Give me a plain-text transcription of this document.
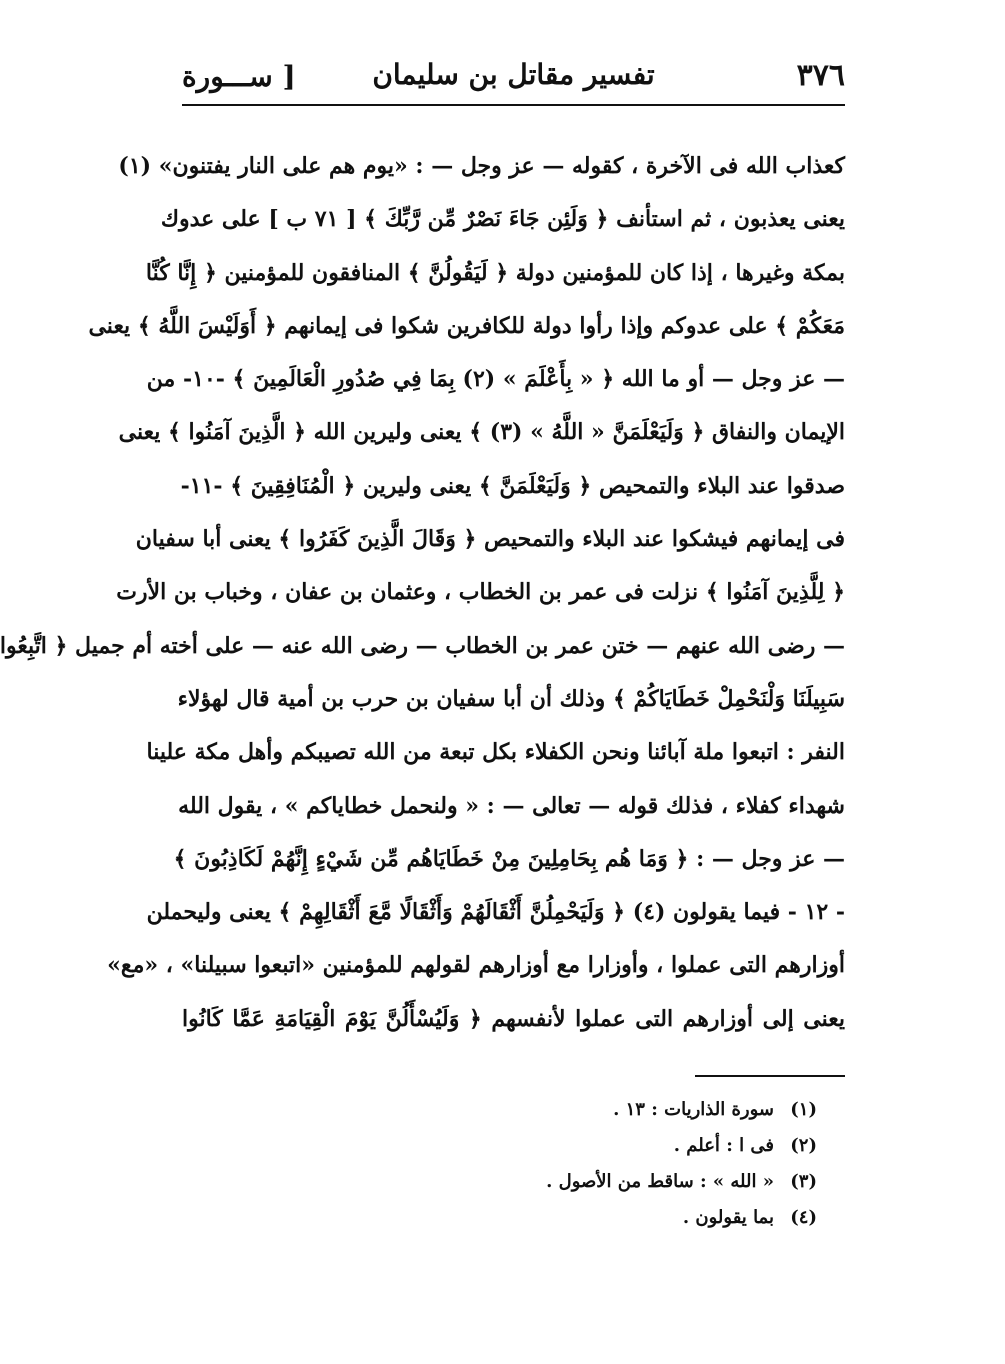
٣٧٦
تفسير مقاتل بن سليمان
[ ســـورة
كعذاب الله فى الآخرة ، كقوله — عز وجل — : «يوم هم على النار يفتنون» (١)
يعنى يعذبون ، ثم استأنف ﴿ وَلَئِن جَاءَ نَصْرٌ مِّن رَّبِّكَ ﴾ [ ٧١ ب ] على عدوك
بمكة وغيرها ، إذا كان للمؤمنين دولة ﴿ لَيَقُولُنَّ ﴾ المنافقون للمؤمنين ﴿ إِنَّا كُنَّا
مَعَكُمْ ﴾ على عدوكم وإذا رأوا دولة للكافرين شكوا فى إيمانهم ﴿ أَوَلَيْسَ اللَّهُ ﴾ يعنى
— عز وجل — أو ما الله ﴿ « بِأَعْلَمَ » (٢) بِمَا فِي صُدُورِ الْعَالَمِينَ ﴾ -١٠- من
الإيمان والنفاق ﴿ وَلَيَعْلَمَنَّ « اللَّهُ » (٣) ﴾ يعنى وليرين الله ﴿ الَّذِينَ آمَنُوا ﴾ يعنى
صدقوا عند البلاء والتمحيص ﴿ وَلَيَعْلَمَنَّ ﴾ يعنى وليرين ﴿ الْمُنَافِقِينَ ﴾ -١١-
فى إيمانهم فيشكوا عند البلاء والتمحيص ﴿ وَقَالَ الَّذِينَ كَفَرُوا ﴾ يعنى أبا سفيان
﴿ لِلَّذِينَ آمَنُوا ﴾ نزلت فى عمر بن الخطاب ، وعثمان بن عفان ، وخباب بن الأرت
— رضى الله عنهم — ختن عمر بن الخطاب — رضى الله عنه — على أخته أم جميل ﴿ اتَّبِعُوا
سَبِيلَنَا وَلْنَحْمِلْ خَطَايَاكُمْ ﴾ وذلك أن أبا سفيان بن حرب بن أمية قال لهؤلاء
النفر : اتبعوا ملة آبائنا ونحن الكفلاء بكل تبعة من الله تصيبكم وأهل مكة علينا
شهداء كفلاء ، فذلك قوله — تعالى — : « ولنحمل خطاياكم » ، يقول الله
— عز وجل — : ﴿ وَمَا هُم بِحَامِلِينَ مِنْ خَطَايَاهُم مِّن شَيْءٍ إِنَّهُمْ لَكَاذِبُونَ ﴾
- ١٢ - فيما يقولون (٤) ﴿ وَلَيَحْمِلُنَّ أَثْقَالَهُمْ وَأَثْقَالًا مَّعَ أَثْقَالِهِمْ ﴾ يعنى وليحملن
أوزارهم التى عملوا ، وأوزارا مع أوزارهم لقولهم للمؤمنين «اتبعوا سبيلنا» ، «مع»
يعنى إلى أوزارهم التى عملوا لأنفسهم ﴿ وَلَيُسْأَلُنَّ يَوْمَ الْقِيَامَةِ عَمَّا كَانُوا
(١) سورة الذاريات : ١٣ .
(٢) فى ا : أعلم .
(٣) « الله » : ساقط من الأصول .
(٤) بما يقولون .
